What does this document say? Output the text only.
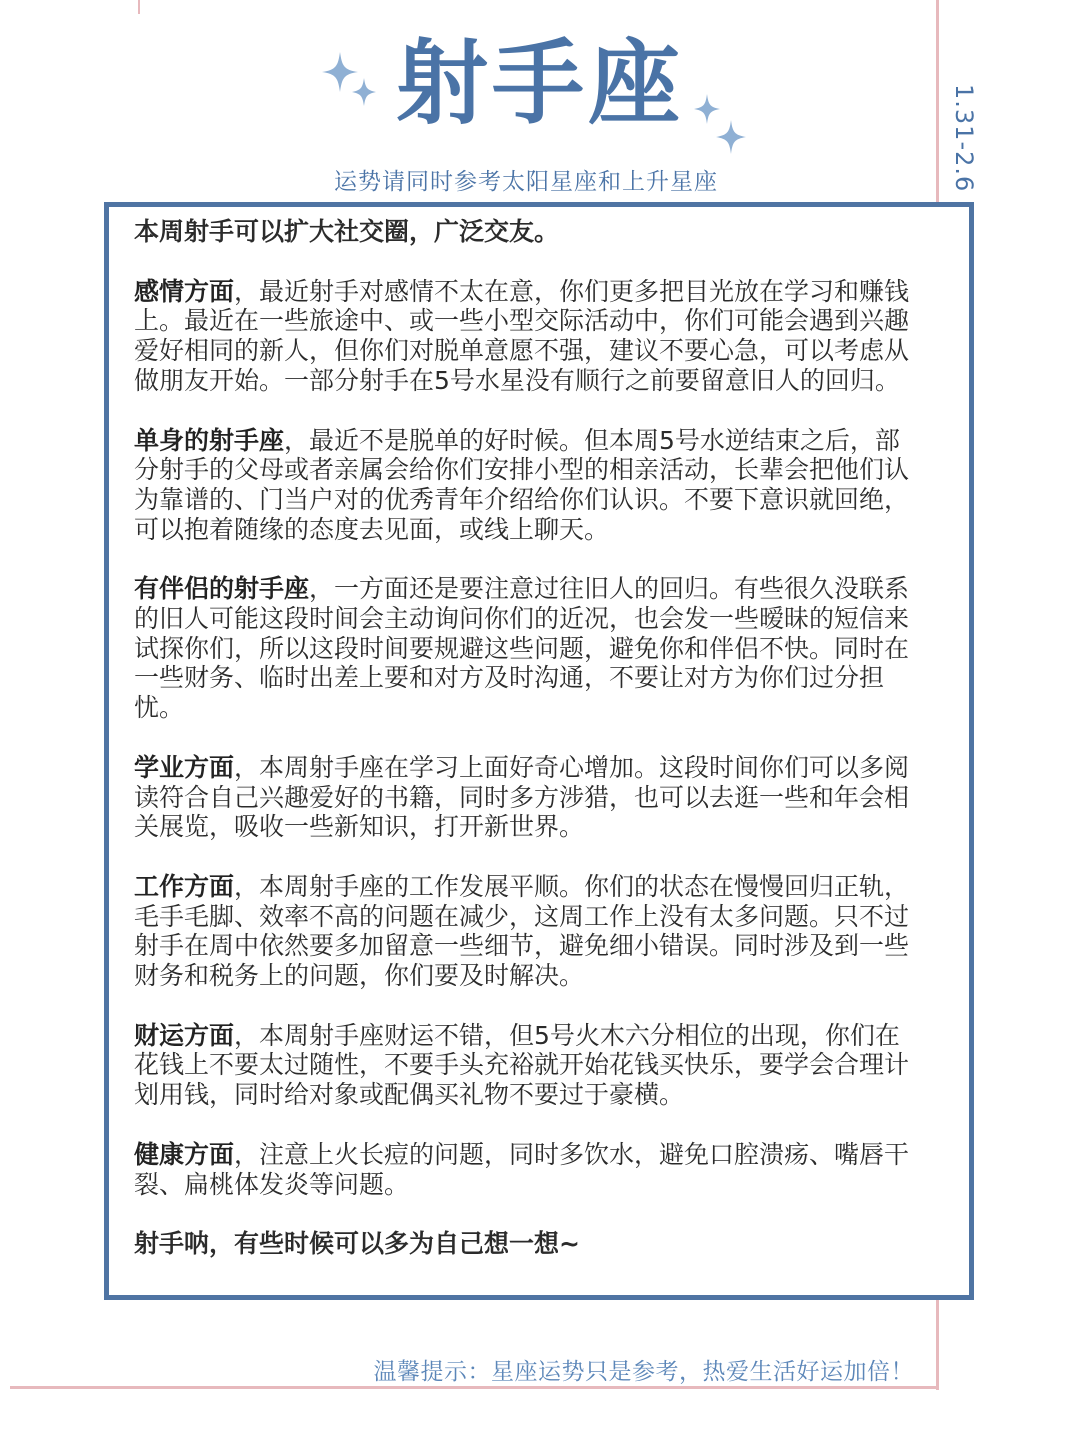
射手座
运势请同时参考太阳星座和上升星座	1.31-2.6

本周射手可以扩大社交圈，广泛交友。

感情方面，最近射手对感情不太在意，你们更多把目光放在学习和赚钱上。最近在一些旅途中、或一些小型交际活动中，你们可能会遇到兴趣爱好相同的新人，但你们对脱单意愿不强，建议不要心急，可以考虑从做朋友开始。一部分射手在5号水星没有顺行之前要留意旧人的回归。

单身的射手座，最近不是脱单的好时候。但本周5号水逆结束之后，部分射手的父母或者亲属会给你们安排小型的相亲活动，长辈会把他们认为靠谱的、门当户对的优秀青年介绍给你们认识。不要下意识就回绝，可以抱着随缘的态度去见面，或线上聊天。

有伴侣的射手座，一方面还是要注意过往旧人的回归。有些很久没联系的旧人可能这段时间会主动询问你们的近况，也会发一些暧昧的短信来试探你们，所以这段时间要规避这些问题，避免你和伴侣不快。同时在一些财务、临时出差上要和对方及时沟通，不要让对方为你们过分担忧。

学业方面，本周射手座在学习上面好奇心增加。这段时间你们可以多阅读符合自己兴趣爱好的书籍，同时多方涉猎，也可以去逛一些和年会相关展览，吸收一些新知识，打开新世界。

工作方面，本周射手座的工作发展平顺。你们的状态在慢慢回归正轨，毛手毛脚、效率不高的问题在减少，这周工作上没有太多问题。只不过射手在周中依然要多加留意一些细节，避免细小错误。同时涉及到一些财务和税务上的问题，你们要及时解决。

财运方面，本周射手座财运不错，但5号火木六分相位的出现，你们在花钱上不要太过随性，不要手头充裕就开始花钱买快乐，要学会合理计划用钱，同时给对象或配偶买礼物不要过于豪横。

健康方面，注意上火长痘的问题，同时多饮水，避免口腔溃疡、嘴唇干裂、扁桃体发炎等问题。

射手呐，有些时候可以多为自己想一想~

温馨提示：星座运势只是参考，热爱生活好运加倍！
